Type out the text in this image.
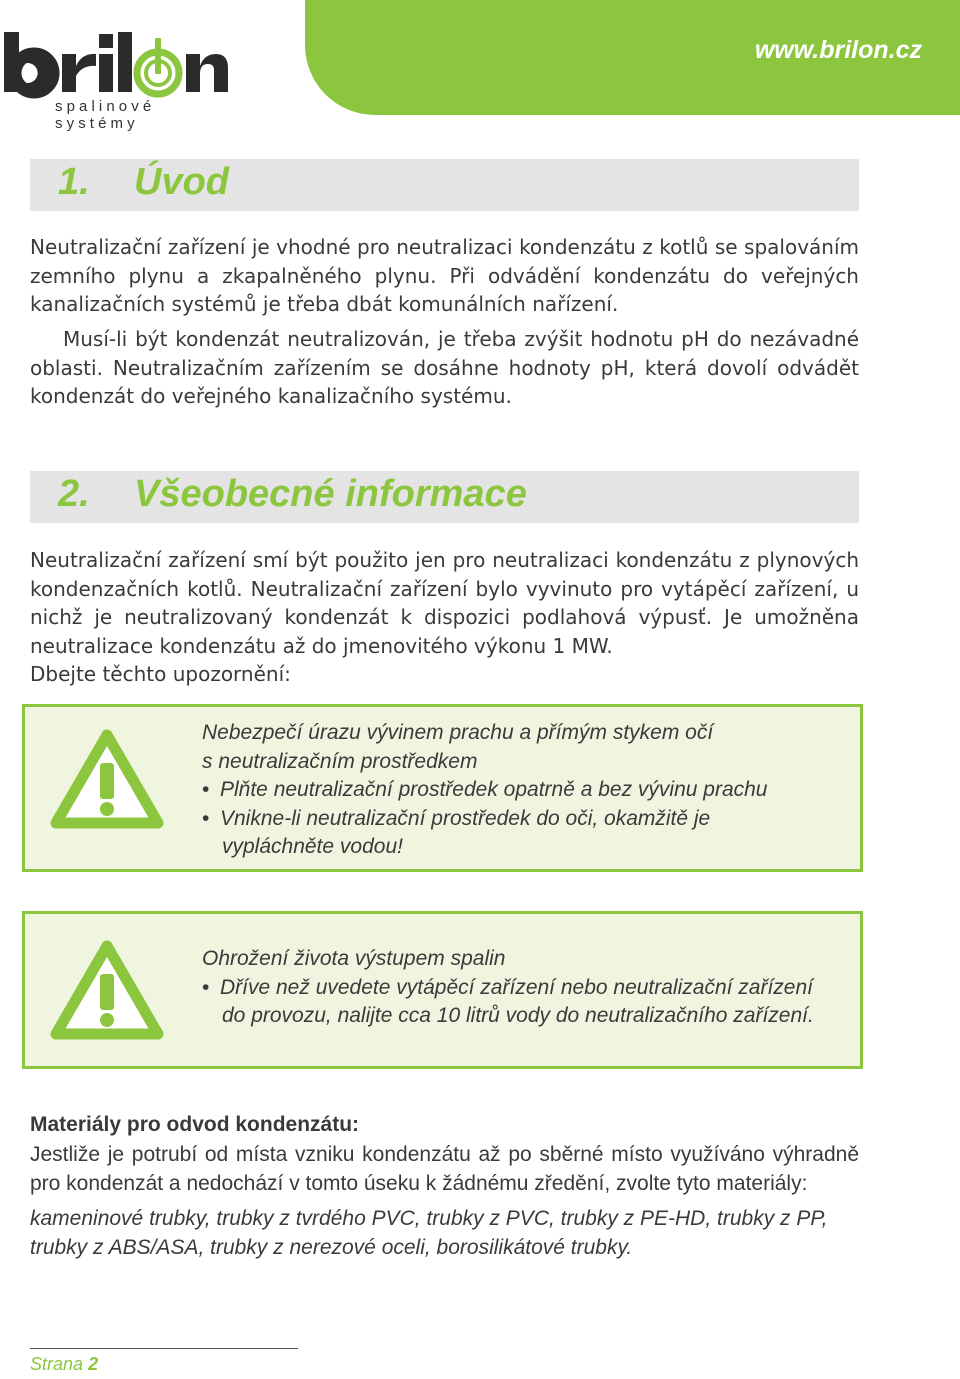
www.brilon.cz
spalinové systémy
1. Úvod

Neutralizační zařízení je vhodné pro neutralizaci kondenzátu z kotlů se spalováním zemního plynu a zkapalněného plynu. Při odvádění kondenzátu do veřejných kanalizačních systémů je třeba dbát komunálních nařízení.

Musí-li být kondenzát neutralizován, je třeba zvýšit hodnotu pH do nezávadné oblasti. Neutralizačním zařízením se dosáhne hodnoty pH, která dovolí odvádět kondenzát do veřejného kanalizačního systému.

2. Všeobecné informace

Neutralizační zařízení smí být použito jen pro neutralizaci kondenzátu z plynových kondenzačních kotlů. Neutralizační zařízení bylo vyvinuto pro vytápěcí zařízení, u nichž je neutralizovaný kondenzát k dispozici podlahová výpusť. Je umožněna neutralizace kondenzátu až do jmenovitého výkonu 1 MW.

Dbejte těchto upozornění:

Nebezpečí úrazu vývinem prachu a přímým stykem očí
s neutralizačním prostředkem
• Plňte neutralizační prostředek opatrně a bez vývinu prachu
• Vnikne-li neutralizační prostředek do oči, okamžitě je
vypláchněte vodou!
Ohrožení života výstupem spalin
• Dříve než uvedete vytápěcí zařízení nebo neutralizační zařízení
do provozu, nalijte cca 10 litrů vody do neutralizačního zařízení.
Materiály pro odvod kondenzátu:

Jestliže je potrubí od místa vzniku kondenzátu až po sběrné místo využíváno výhradně pro kondenzát a nedochází v tomto úseku k žádnému zředění, zvolte tyto materiály:

kameninové trubky, trubky z tvrdého PVC, trubky z PVC, trubky z PE-HD, trubky z PP, trubky z ABS/ASA, trubky z nerezové oceli, borosilikátové trubky.

Strana 2
